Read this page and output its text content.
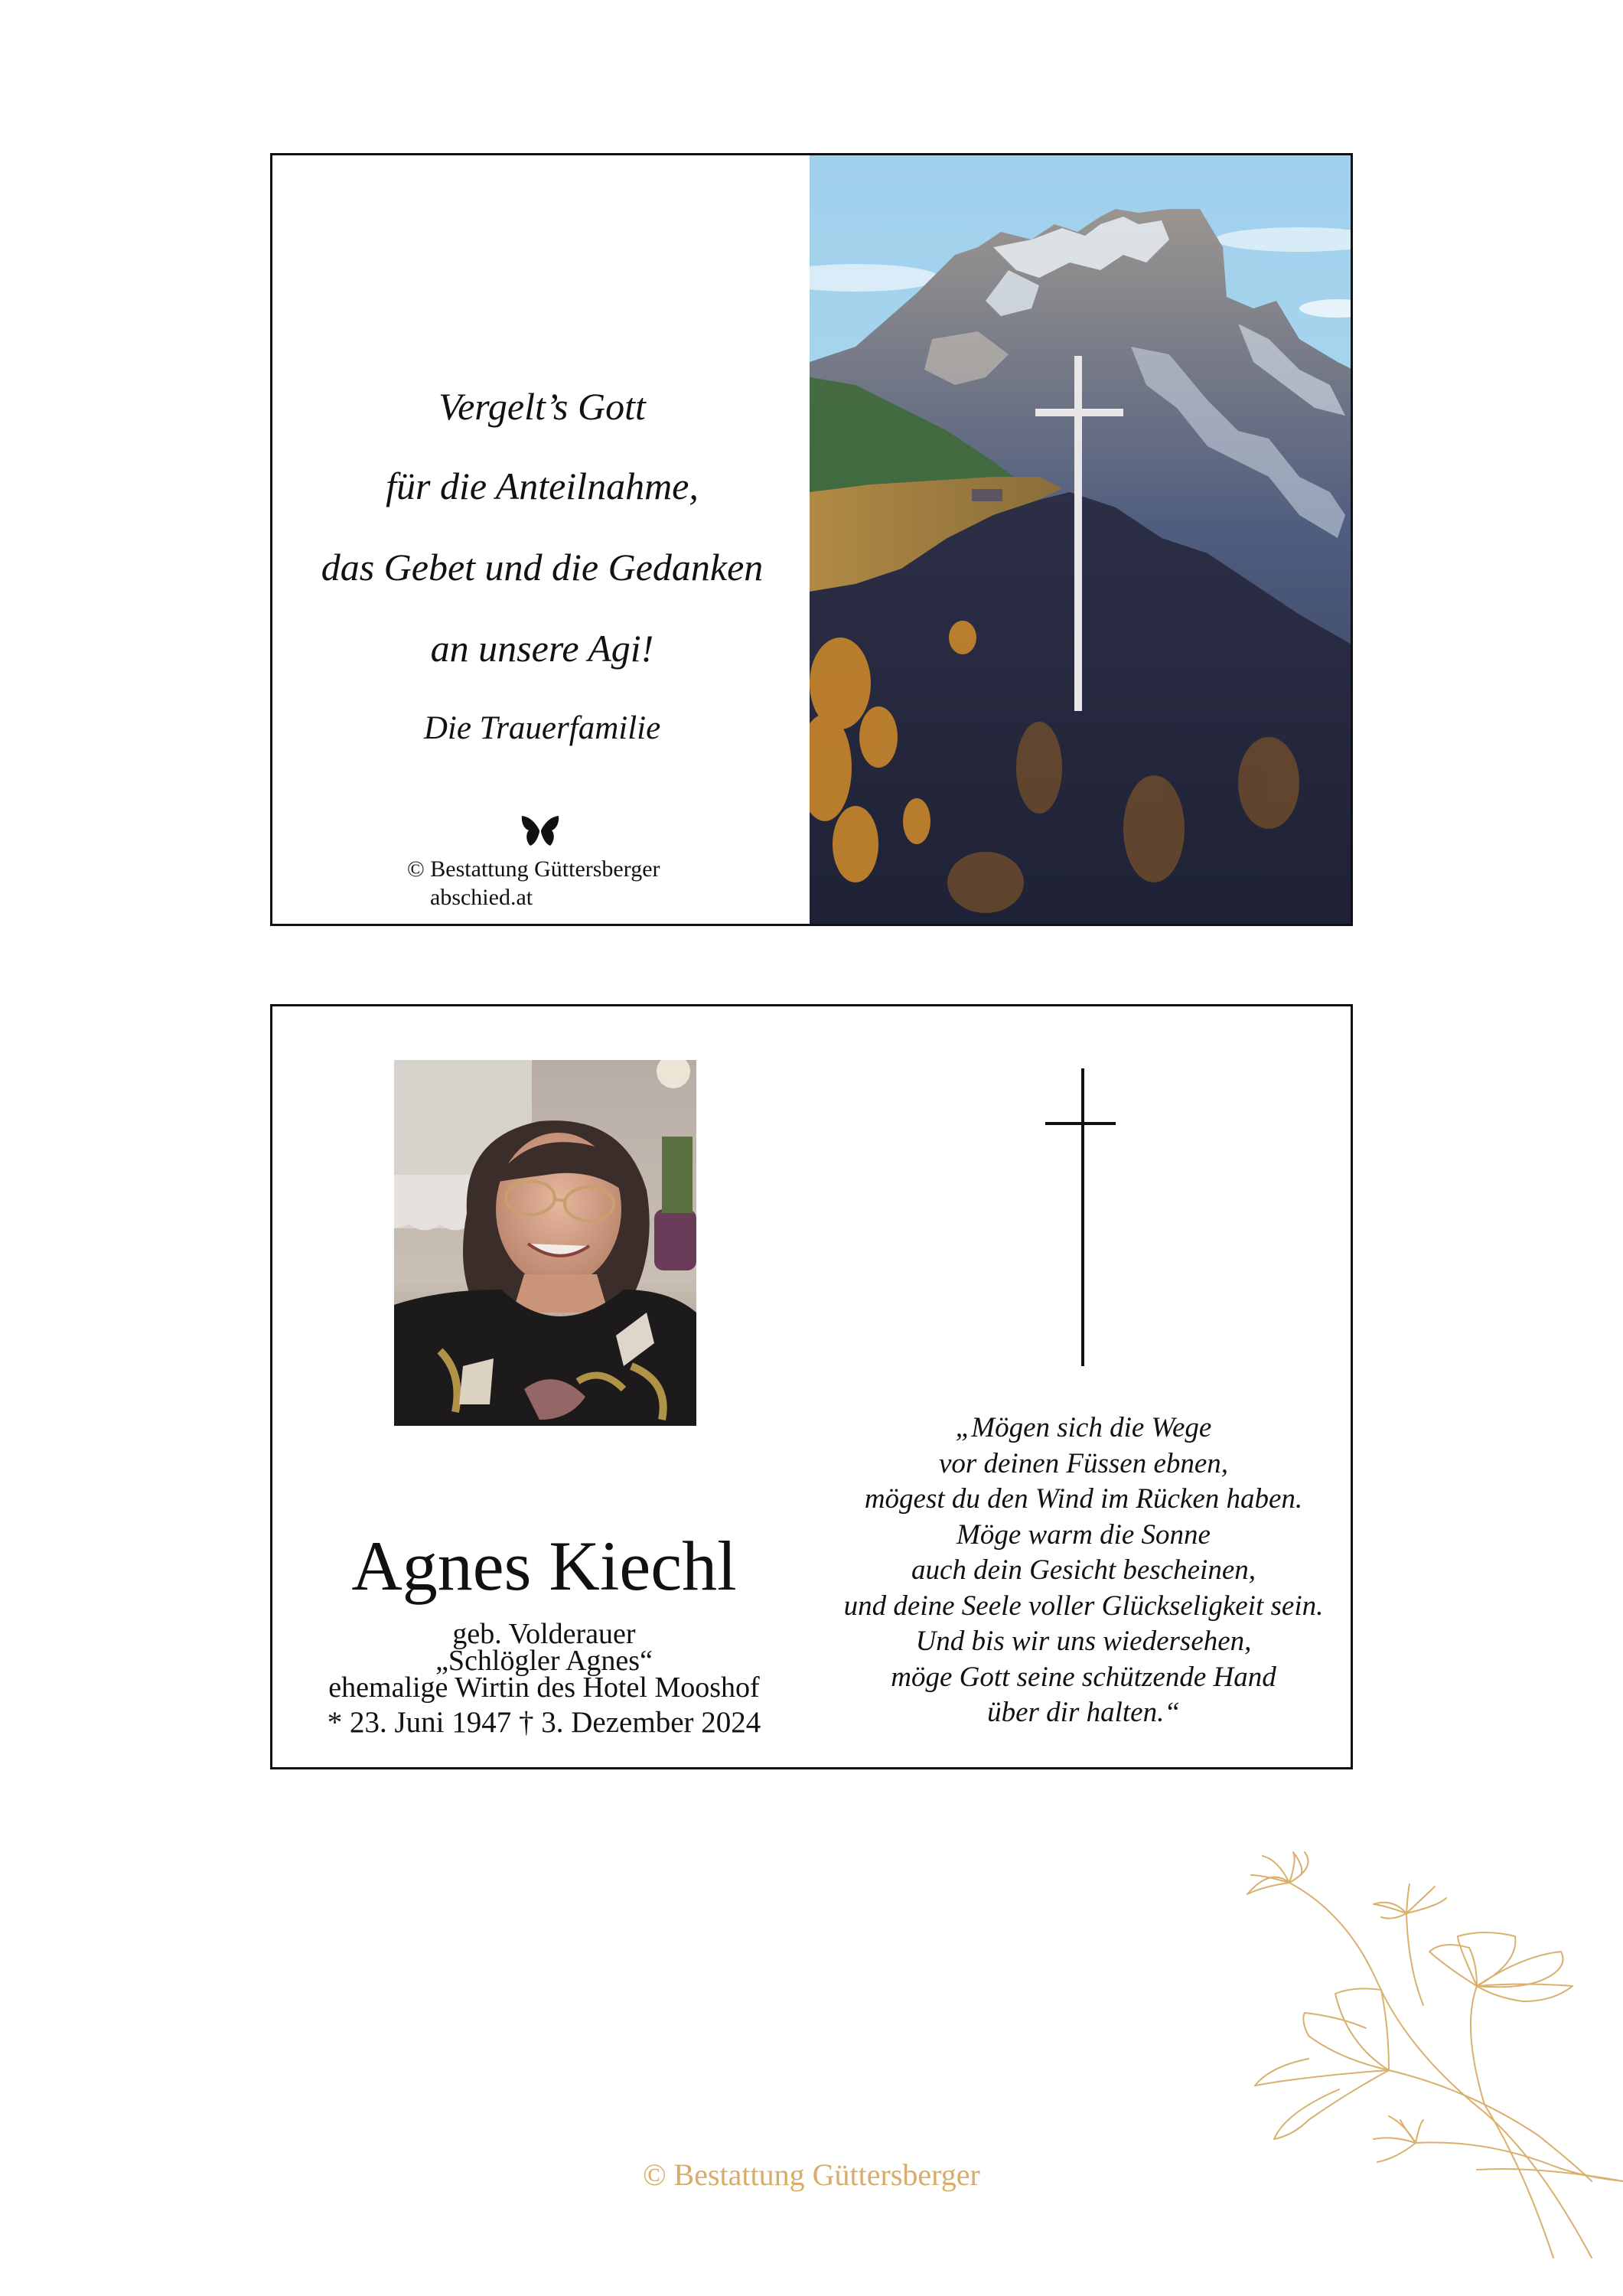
Vergelt’s Gott
für die Anteilnahme,
das Gebet und die Gedanken
an unsere Agi!
Die Trauerfamilie
© Bestattung Güttersberger
abschied.at
Agnes Kiechl
geb. Volderauer
„Schlögler Agnes“
ehemalige Wirtin des Hotel Mooshof
* 23. Juni 1947 † 3. Dezember 2024
„Mögen sich die Wege
vor deinen Füssen ebnen,
mögest du den Wind im Rücken haben.
Möge warm die Sonne
auch dein Gesicht bescheinen,
und deine Seele voller Glückseligkeit sein.
Und bis wir uns wiedersehen,
möge Gott seine schützende Hand
über dir halten.“
© Bestattung Güttersberger
